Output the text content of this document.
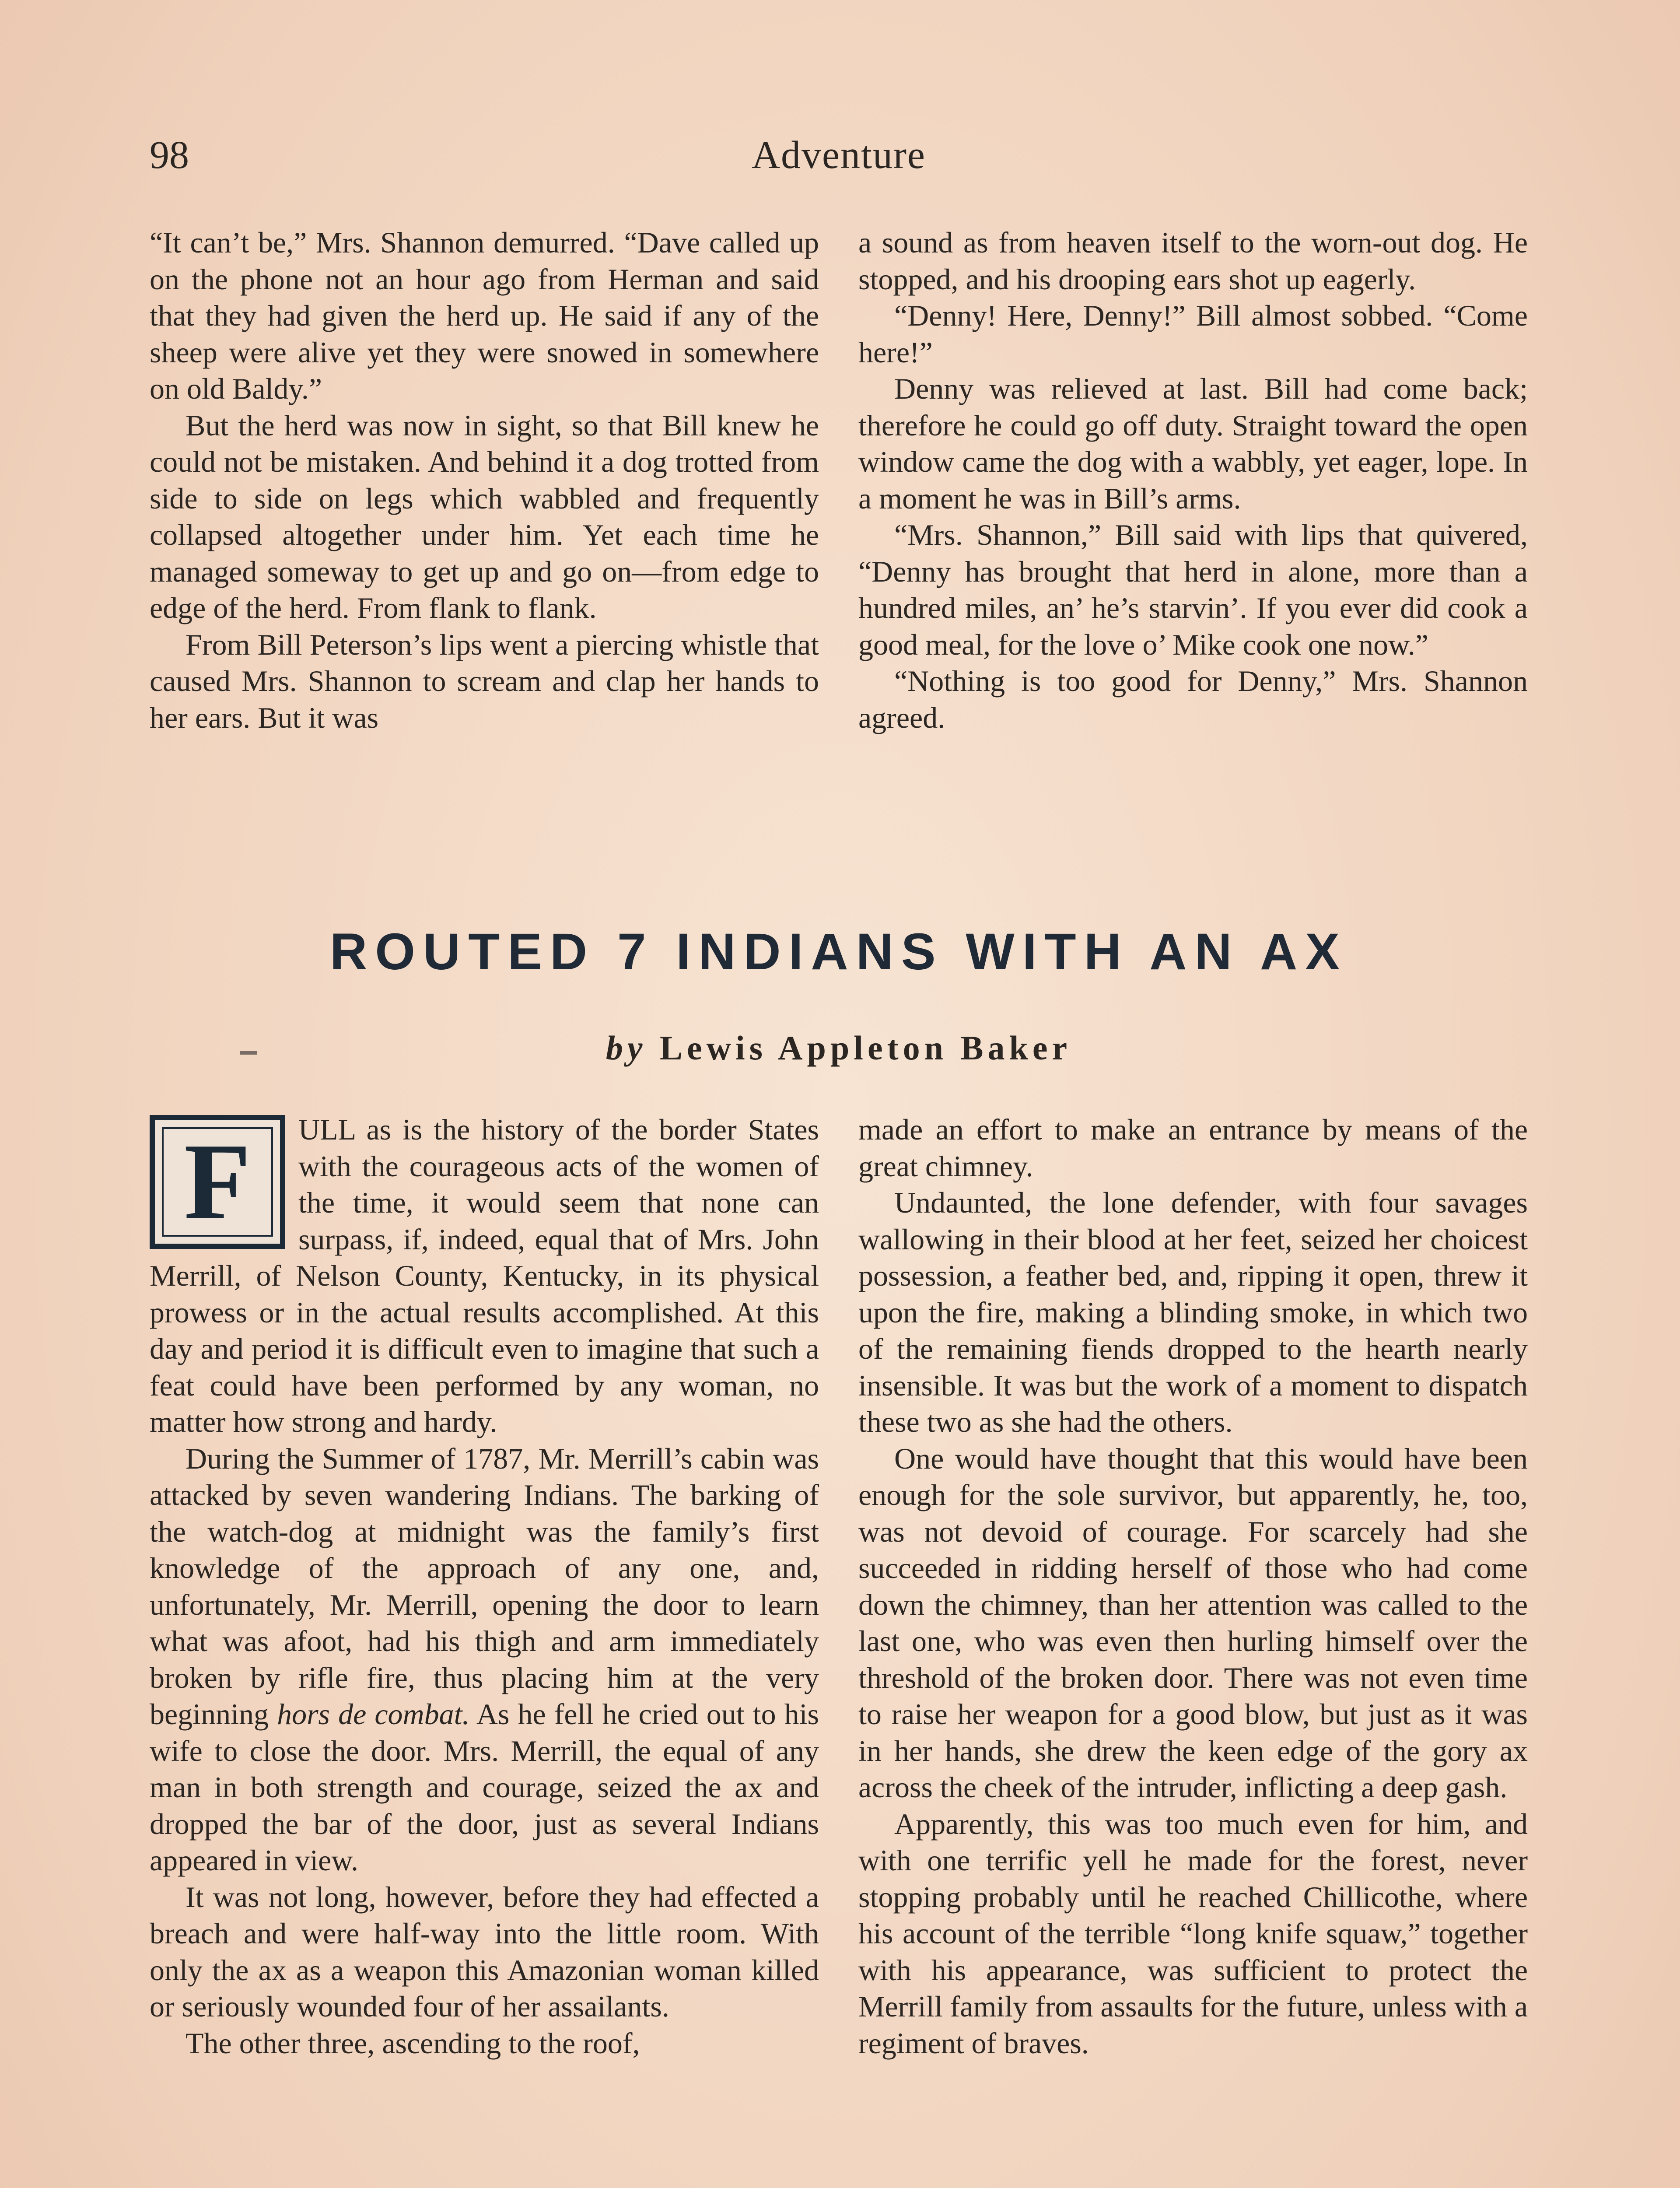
98	Adventure

“It can’t be,” Mrs. Shannon demurred. “Dave called up on the phone not an hour ago from Herman and said that they had given the herd up. He said if any of the sheep were alive yet they were snowed in somewhere on old Baldy.”

But the herd was now in sight, so that Bill knew he could not be mistaken. And behind it a dog trotted from side to side on legs which wabbled and frequently collapsed altogether under him. Yet each time he managed someway to get up and go on—from edge to edge of the herd. From flank to flank.

From Bill Peterson’s lips went a piercing whistle that caused Mrs. Shannon to scream and clap her hands to her ears. But it was

a sound as from heaven itself to the worn-out dog. He stopped, and his drooping ears shot up eagerly.

“Denny! Here, Denny!” Bill almost sobbed. “Come here!”

Denny was relieved at last. Bill had come back; therefore he could go off duty. Straight toward the open window came the dog with a wabbly, yet eager, lope. In a moment he was in Bill’s arms.

“Mrs. Shannon,” Bill said with lips that quivered, “Denny has brought that herd in alone, more than a hundred miles, an’ he’s starvin’. If you ever did cook a good meal, for the love o’ Mike cook one now.”

“Nothing is too good for Denny,” Mrs. Shannon agreed.

ROUTED 7 INDIANS WITH AN AX
by Lewis Appleton Baker

F	ULL as is the history of the border States with the courageous acts of the women of the time, it would seem that none can surpass, if, indeed, equal that of Mrs. John Merrill, of Nelson County, Kentucky, in its physical prowess or in the actual results accomplished. At this day and period it is difficult even to imagine that such a feat could have been performed by any woman, no matter how strong and hardy.

During the Summer of 1787, Mr. Merrill’s cabin was attacked by seven wandering Indians. The barking of the watch-dog at midnight was the family’s first knowledge of the approach of any one, and, unfortunately, Mr. Merrill, opening the door to learn what was afoot, had his thigh and arm immediately broken by rifle fire, thus placing him at the very beginning hors de combat. As he fell he cried out to his wife to close the door. Mrs. Merrill, the equal of any man in both strength and courage, seized the ax and dropped the bar of the door, just as several Indians appeared in view.

It was not long, however, before they had effected a breach and were half-way into the little room. With only the ax as a weapon this Amazonian woman killed or seriously wounded four of her assailants.

The other three, ascending to the roof,

made an effort to make an entrance by means of the great chimney.

Undaunted, the lone defender, with four savages wallowing in their blood at her feet, seized her choicest possession, a feather bed, and, ripping it open, threw it upon the fire, making a blinding smoke, in which two of the remaining fiends dropped to the hearth nearly insensible. It was but the work of a moment to dispatch these two as she had the others.

One would have thought that this would have been enough for the sole survivor, but apparently, he, too, was not devoid of courage. For scarcely had she succeeded in ridding herself of those who had come down the chimney, than her attention was called to the last one, who was even then hurling himself over the threshold of the broken door. There was not even time to raise her weapon for a good blow, but just as it was in her hands, she drew the keen edge of the gory ax across the cheek of the intruder, inflicting a deep gash.

Apparently, this was too much even for him, and with one terrific yell he made for the forest, never stopping probably until he reached Chillicothe, where his account of the terrible “long knife squaw,” together with his appearance, was sufficient to protect the Merrill family from assaults for the future, unless with a regiment of braves.
